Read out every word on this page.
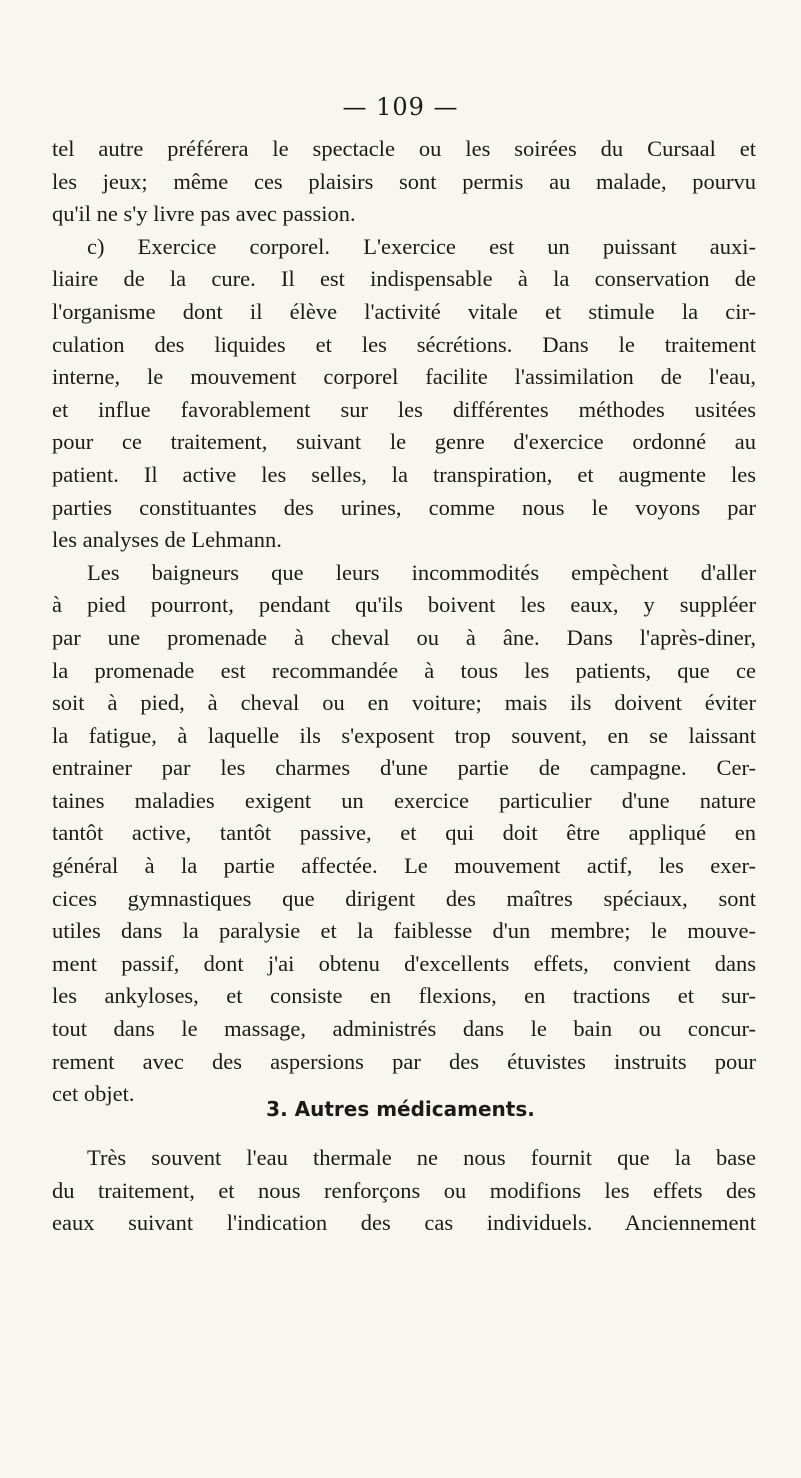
— 109 —
tel autre préférera le spectacle ou les soirées du Cursaal et
les jeux; même ces plaisirs sont permis au malade, pourvu
qu'il ne s'y livre pas avec passion.
c) Exercice corporel. L'exercice est un puissant auxi-
liaire de la cure. Il est indispensable à la conservation de
l'organisme dont il élève l'activité vitale et stimule la cir-
culation des liquides et les sécrétions. Dans le traitement
interne, le mouvement corporel facilite l'assimilation de l'eau,
et influe favorablement sur les différentes méthodes usitées
pour ce traitement, suivant le genre d'exercice ordonné au
patient. Il active les selles, la transpiration, et augmente les
parties constituantes des urines, comme nous le voyons par
les analyses de Lehmann.
Les baigneurs que leurs incommodités empèchent d'aller
à pied pourront, pendant qu'ils boivent les eaux, y suppléer
par une promenade à cheval ou à âne. Dans l'après-diner,
la promenade est recommandée à tous les patients, que ce
soit à pied, à cheval ou en voiture; mais ils doivent éviter
la fatigue, à laquelle ils s'exposent trop souvent, en se laissant
entrainer par les charmes d'une partie de campagne. Cer-
taines maladies exigent un exercice particulier d'une nature
tantôt active, tantôt passive, et qui doit être appliqué en
général à la partie affectée. Le mouvement actif, les exer-
cices gymnastiques que dirigent des maîtres spéciaux, sont
utiles dans la paralysie et la faiblesse d'un membre; le mouve-
ment passif, dont j'ai obtenu d'excellents effets, convient dans
les ankyloses, et consiste en flexions, en tractions et sur-
tout dans le massage, administrés dans le bain ou concur-
rement avec des aspersions par des étuvistes instruits pour
cet objet.
3. Autres médicaments.
Très souvent l'eau thermale ne nous fournit que la base
du traitement, et nous renforçons ou modifions les effets des
eaux suivant l'indication des cas individuels. Anciennement
